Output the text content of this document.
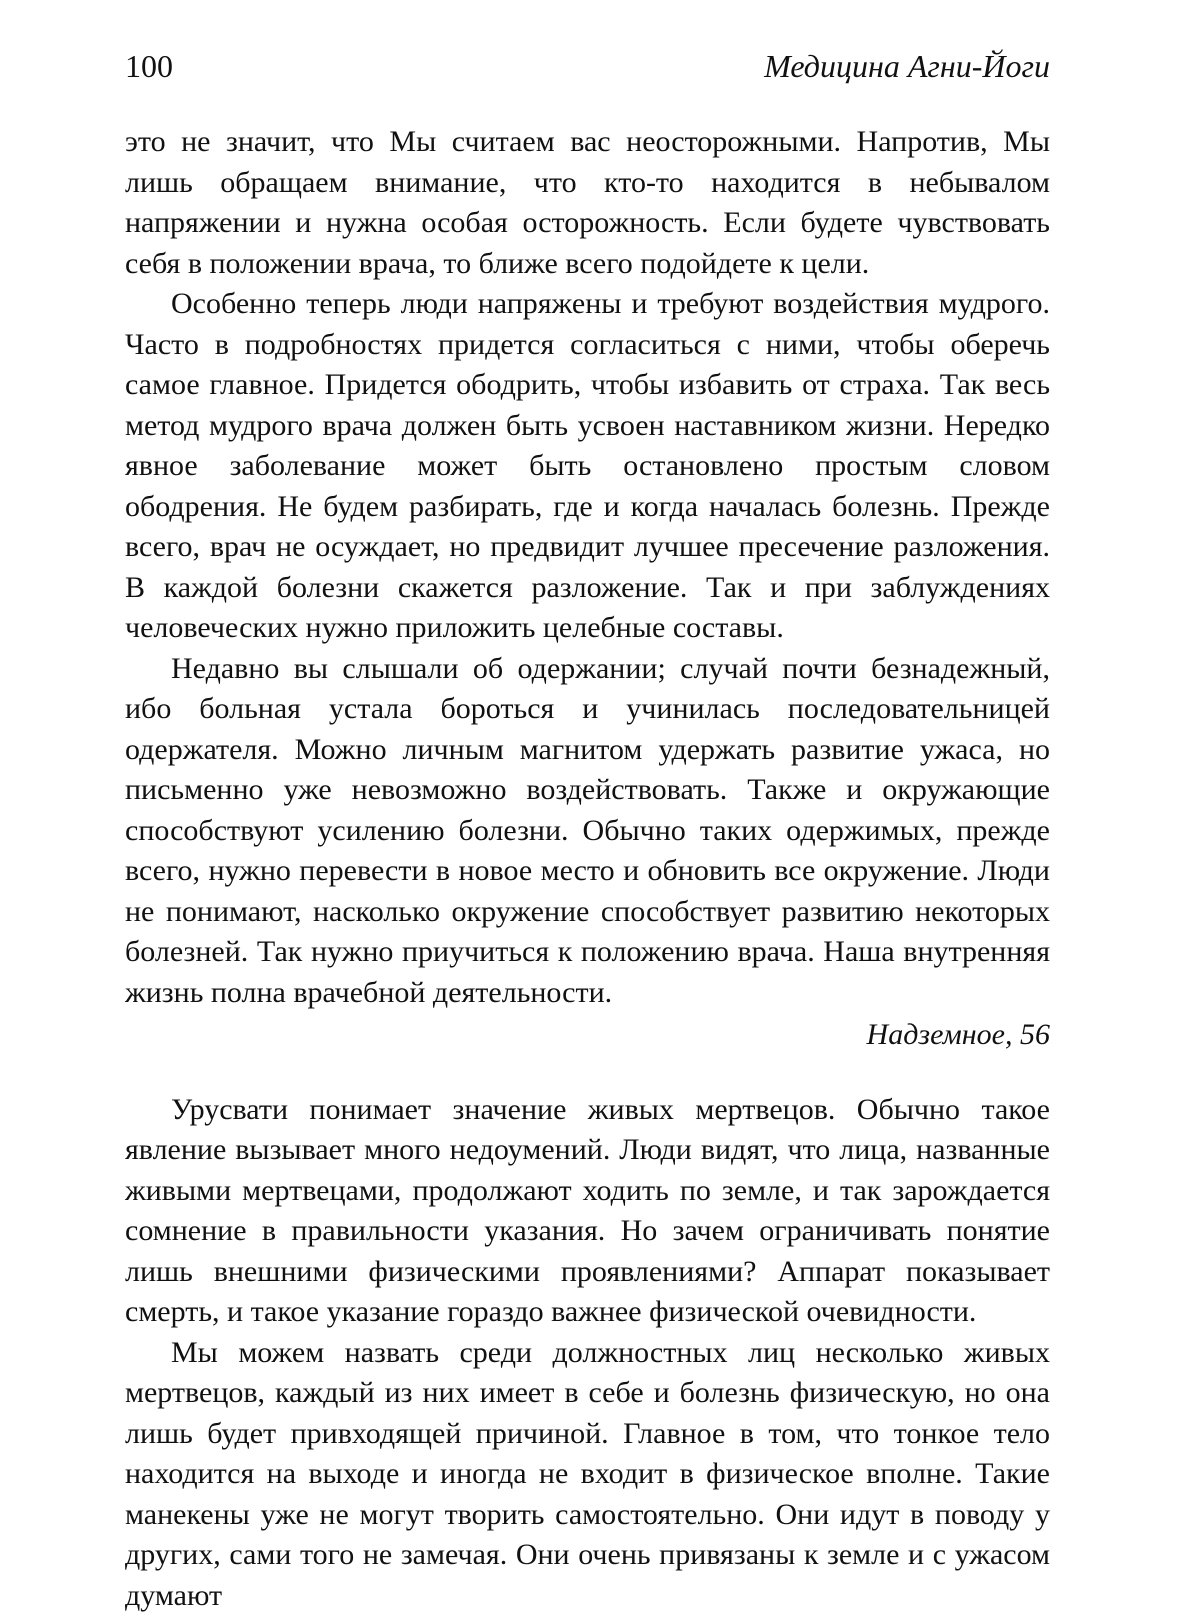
100	Медицина Агни-Йоги

это не значит, что Мы считаем вас неосторожными. Напротив, Мы лишь обращаем внимание, что кто-то находится в небывалом напряжении и нужна особая осторожность. Если будете чувствовать себя в положении врача, то ближе всего подойдете к цели.

Особенно теперь люди напряжены и требуют воздействия мудрого. Часто в подробностях придется согласиться с ними, чтобы оберечь самое главное. Придется ободрить, чтобы избавить от страха. Так весь метод мудрого врача должен быть усвоен наставником жизни. Нередко явное заболевание может быть остановлено простым словом ободрения. Не будем разбирать, где и когда началась болезнь. Прежде всего, врач не осуждает, но предвидит лучшее пресечение разложения. В каждой болезни скажется разложение. Так и при заблуждениях человеческих нужно приложить целебные составы.

Недавно вы слышали об одержании; случай почти безнадежный, ибо больная устала бороться и учинилась последовательницей одержателя. Можно личным магнитом удержать развитие ужаса, но письменно уже невозможно воздействовать. Также и окружающие способствуют усилению болезни. Обычно таких одержимых, прежде всего, нужно перевести в новое место и обновить все окружение. Люди не понимают, насколько окружение способствует развитию некоторых болезней. Так нужно приучиться к положению врача. Наша внутренняя жизнь полна врачебной деятельности.

Надземное, 56

Урусвати понимает значение живых мертвецов. Обычно такое явление вызывает много недоумений. Люди видят, что лица, названные живыми мертвецами, продолжают ходить по земле, и так зарождается сомнение в правильности указания. Но зачем ограничивать понятие лишь внешними физическими проявлениями? Аппарат показывает смерть, и такое указание гораздо важнее физической очевидности.

Мы можем назвать среди должностных лиц несколько живых мертвецов, каждый из них имеет в себе и болезнь физическую, но она лишь будет привходящей причиной. Главное в том, что тонкое тело находится на выходе и иногда не входит в физическое вполне. Такие манекены уже не могут творить самостоятельно. Они идут в поводу у других, сами того не замечая. Они очень привязаны к земле и с ужасом думают
